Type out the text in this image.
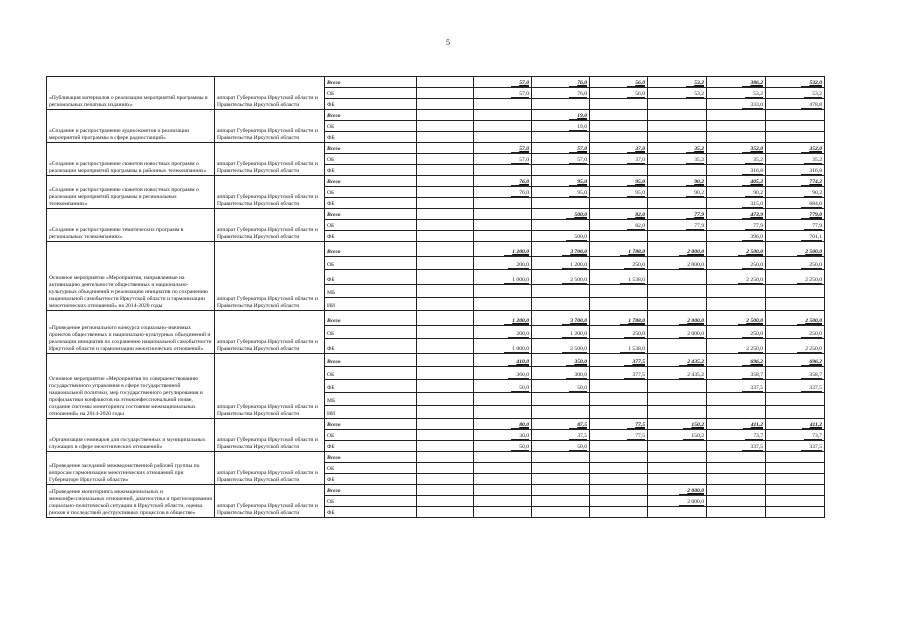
5
«Публикация материалов о реализации мероприятий программы в региональных печатных изданиях»	аппарат Губернатора Иркутской области и Правительства Иркутской области	Всего		57,0	76,0	56,0	53,2	386,2	532,0	
		ОБ		57,0	76,0	56,0	53,2	53,2	53,2	
		ФБ						333,0	478,8	
«Создание и распространение аудиосюжетов о реализации мероприятий программы в сфере радиостанций»	аппарат Губернатора Иркутской области и Правительства Иркутской области	Всего			19,0					
		ОБ			19,0					
		ФБ								
«Создание и распространение сюжетов новостных программ о реализации мероприятий программы в районных телекомпаниях»	аппарат Губернатора Иркутской области и Правительства Иркутской области	Всего		57,0	57,0	37,0	35,2	352,0	352,0	
		ОБ		57,0	57,0	37,0	35,2	35,2	35,2	
		ФБ						316,8	316,8	
«Создание и распространение сюжетов новостных программ о реализации мероприятий программы в региональных телекомпаниях»	аппарат Губернатора Иркутской области и Правительства Иркутской области	Всего		76,0	95,0	95,0	90,2	405,2	774,2	
		ОБ		76,0	95,0	95,0	90,2	90,2	90,2	
		ФБ						315,0	684,0	
«Создание и распространение тематических программ в региональных телекомпаниях»	аппарат Губернатора Иркутской области и Правительства Иркутской области	Всего			500,0	82,0	77,9	473,9	779,0	
		ОБ				82,0	77,9	77,9	77,9	
		ФБ			500,0			396,0	701,1	
Основное мероприятие «Мероприятия, направленные на активизацию деятельности общественных и национально-культурных объединений и реализацию инициатив по сохранению национальной самобытности Иркутской области и гармонизации межэтнических отношений» на 2014-2020 годы	аппарат Губернатора Иркутской области и Правительства Иркутской области	Всего		1 200,0	3 700,0	1 788,0	2 000,0	2 500,0	2 500,0	
		ОБ		200,0	1 200,0	250,0	2 000,0	250,0	250,0	
		ФБ		1 000,0	2 500,0	1 538,0		2 250,0	2 250,0	
		МБ								
		ИИ								
«Проведение регионального конкурса социально-значимых проектов общественных и национально-культурных объединений и реализации инициатив по сохранению национальной самобытности Иркутской области и гармонизации межэтнических отношений»	аппарат Губернатора Иркутской области и Правительства Иркутской области	Всего		1 200,0	3 700,0	1 788,0	2 000,0	2 500,0	2 500,0	
		ОБ		200,0	1 200,0	250,0	2 000,0	250,0	250,0	
		ФБ		1 000,0	2 500,0	1 538,0		2 250,0	2 250,0	
Основное мероприятие «Мероприятия по совершенствованию государственного управления в сфере государственной национальной политики, мер государственного регулирования и профилактики конфликтов на этноконфессиональной почве, создание системы мониторинга состояния межнациональных отношений» на 2014-2020 годы	аппарат Губернатора Иркутской области и Правительства Иркутской области	Всего		410,0	350,0	377,5	2 435,2	696,2	696,2	
		ОБ		360,0	300,0	377,5	2 435,2	358,7	358,7	
		ФБ		50,0	50,0			337,5	337,5	
		МБ								
		ИИ								
«Организация семинаров для государственных и муниципальных служащих в сфере межэтнических отношений»	аппарат Губернатора Иркутской области и Правительства Иркутской области	Всего		80,0	87,5	77,5	150,2	411,2	411,2	
		ОБ		30,0	37,5	77,5	150,2	73,7	73,7	
		ФБ		50,0	50,0			337,5	337,5	
«Проведение заседаний межведомственной рабочей группы по вопросам гармонизации межэтнических отношений при Губернаторе Иркутской области»	аппарат Губернатора Иркутской области и Правительства Иркутской области	Всего								
		ОБ								
		ФБ								
«Проведение мониторинга межнациональных и межконфессиональных отношений, диагностика и прогнозирования социально-политической ситуации в Иркутской области, оценка рисков и последствий деструктивных процессов в обществе»	аппарат Губернатора Иркутской области и Правительства Иркутской области	Всего					2 000,0			
		ОБ					2 000,0			
		ФБ								
